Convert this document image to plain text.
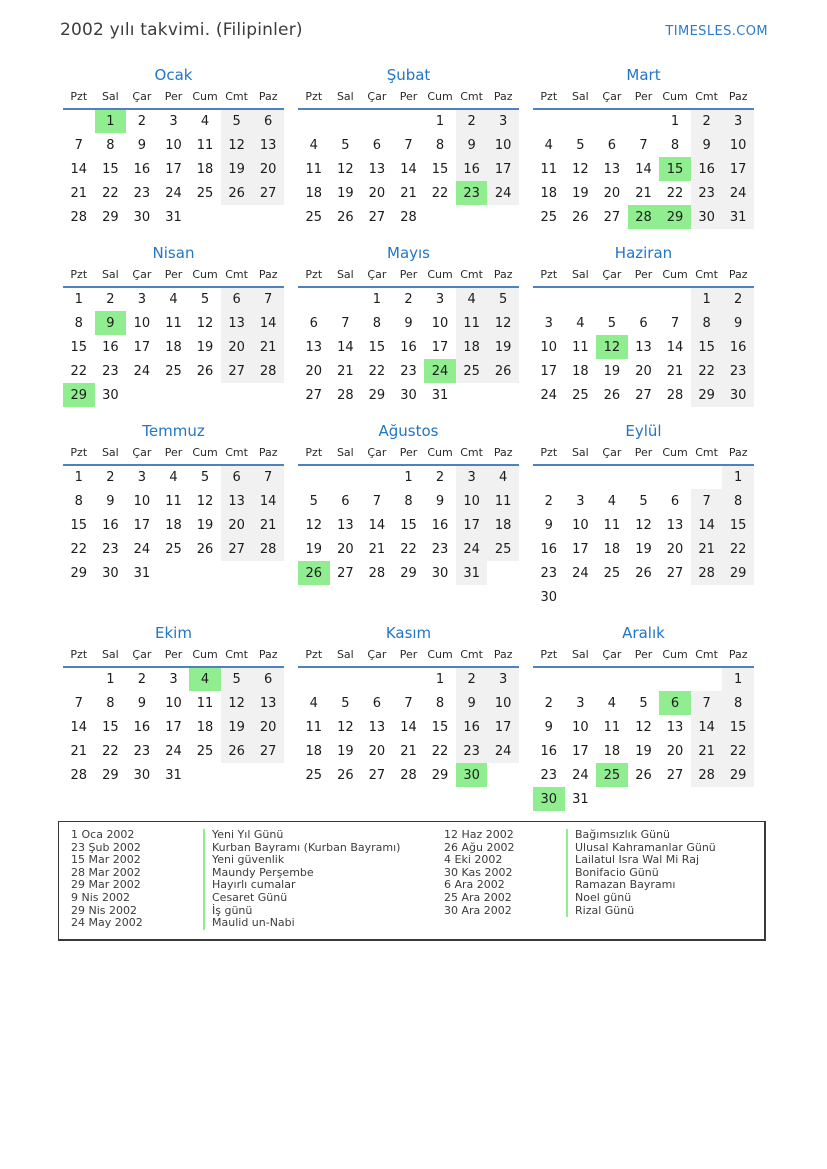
2002 yılı takvimi. (Filipinler)	TIMESLES.COM
Ocak
Pzt	Sal	Çar	Per	Cum	Cmt	Paz
	1	2	3	4	5	6
7	8	9	10	11	12	13
14	15	16	17	18	19	20
21	22	23	24	25	26	27
28	29	30	31			
Şubat
Pzt	Sal	Çar	Per	Cum	Cmt	Paz
				1	2	3
4	5	6	7	8	9	10
11	12	13	14	15	16	17
18	19	20	21	22	23	24
25	26	27	28			
Mart
Pzt	Sal	Çar	Per	Cum	Cmt	Paz
				1	2	3
4	5	6	7	8	9	10
11	12	13	14	15	16	17
18	19	20	21	22	23	24
25	26	27	28	29	30	31
Nisan
Pzt	Sal	Çar	Per	Cum	Cmt	Paz
1	2	3	4	5	6	7
8	9	10	11	12	13	14
15	16	17	18	19	20	21
22	23	24	25	26	27	28
29	30					
Mayıs
Pzt	Sal	Çar	Per	Cum	Cmt	Paz
		1	2	3	4	5
6	7	8	9	10	11	12
13	14	15	16	17	18	19
20	21	22	23	24	25	26
27	28	29	30	31		
Haziran
Pzt	Sal	Çar	Per	Cum	Cmt	Paz
					1	2
3	4	5	6	7	8	9
10	11	12	13	14	15	16
17	18	19	20	21	22	23
24	25	26	27	28	29	30
Temmuz
Pzt	Sal	Çar	Per	Cum	Cmt	Paz
1	2	3	4	5	6	7
8	9	10	11	12	13	14
15	16	17	18	19	20	21
22	23	24	25	26	27	28
29	30	31				
Ağustos
Pzt	Sal	Çar	Per	Cum	Cmt	Paz
			1	2	3	4
5	6	7	8	9	10	11
12	13	14	15	16	17	18
19	20	21	22	23	24	25
26	27	28	29	30	31	
Eylül
Pzt	Sal	Çar	Per	Cum	Cmt	Paz
						1
2	3	4	5	6	7	8
9	10	11	12	13	14	15
16	17	18	19	20	21	22
23	24	25	26	27	28	29
30						
Ekim
Pzt	Sal	Çar	Per	Cum	Cmt	Paz
	1	2	3	4	5	6
7	8	9	10	11	12	13
14	15	16	17	18	19	20
21	22	23	24	25	26	27
28	29	30	31			
Kasım
Pzt	Sal	Çar	Per	Cum	Cmt	Paz
				1	2	3
4	5	6	7	8	9	10
11	12	13	14	15	16	17
18	19	20	21	22	23	24
25	26	27	28	29	30	
Aralık
Pzt	Sal	Çar	Per	Cum	Cmt	Paz
						1
2	3	4	5	6	7	8
9	10	11	12	13	14	15
16	17	18	19	20	21	22
23	24	25	26	27	28	29
30	31					
1 Oca 2002	Yeni Yıl Günü
23 Şub 2002	Kurban Bayramı (Kurban Bayramı)
15 Mar 2002	Yeni güvenlik
28 Mar 2002	Maundy Perşembe
29 Mar 2002	Hayırlı cumalar
9 Nis 2002	Cesaret Günü
29 Nis 2002	İş günü
24 May 2002	Maulid un-Nabi
12 Haz 2002	Bağımsızlık Günü
26 Ağu 2002	Ulusal Kahramanlar Günü
4 Eki 2002	Lailatul Isra Wal Mi Raj
30 Kas 2002	Bonifacio Günü
6 Ara 2002	Ramazan Bayramı
25 Ara 2002	Noel günü
30 Ara 2002	Rizal Günü
